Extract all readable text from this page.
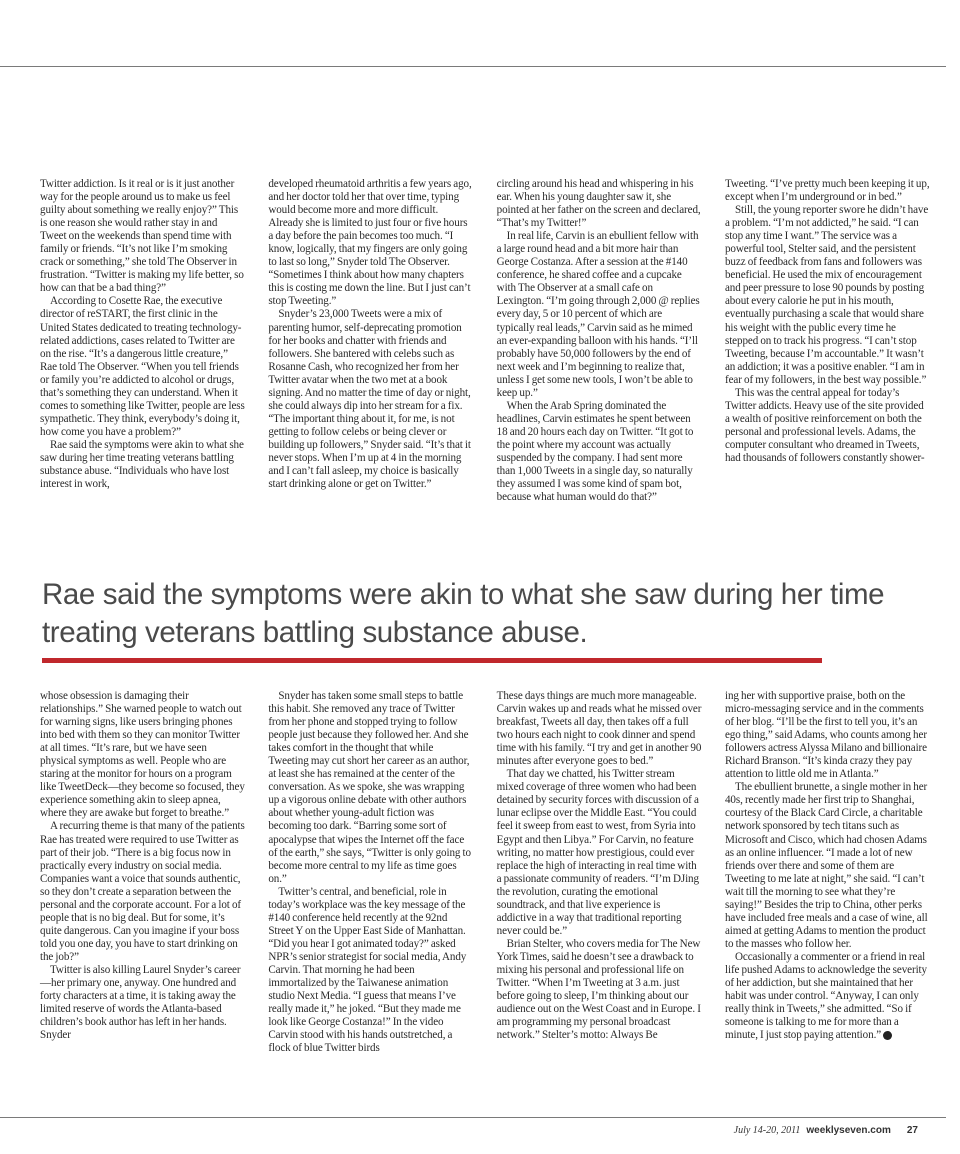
Twitter addiction. Is it real or is it just another way for the people around us to make us feel guilty about something we really enjoy?” This is one reason she would rather stay in and Tweet on the weekends than spend time with family or friends. “It’s not like I’m smoking crack or something,” she told The Observer in frustration. “Twitter is making my life better, so how can that be a bad thing?”

According to Cosette Rae, the executive director of reSTART, the first clinic in the United States dedicated to treating technology-related addictions, cases related to Twitter are on the rise. “It’s a dangerous little creature,” Rae told The Observer. “When you tell friends or family you’re addicted to alcohol or drugs, that’s something they can understand. When it comes to something like Twitter, people are less sympathetic. They think, everybody’s doing it, how come you have a problem?”

Rae said the symptoms were akin to what she saw during her time treating veterans battling substance abuse. “Individuals who have lost interest in work,

developed rheumatoid arthritis a few years ago, and her doctor told her that over time, typing would become more and more difficult. Already she is limited to just four or five hours a day before the pain becomes too much. “I know, logically, that my fingers are only going to last so long,” Snyder told The Observer. “Sometimes I think about how many chapters this is costing me down the line. But I just can’t stop Tweeting.”

Snyder’s 23,000 Tweets were a mix of parenting humor, self-deprecating promotion for her books and chatter with friends and followers. She bantered with celebs such as Rosanne Cash, who recognized her from her Twitter avatar when the two met at a book signing. And no matter the time of day or night, she could always dip into her stream for a fix. “The important thing about it, for me, is not getting to follow celebs or being clever or building up followers,” Snyder said. “It’s that it never stops. When I’m up at 4 in the morning and I can’t fall asleep, my choice is basically start drinking alone or get on Twitter.”

circling around his head and whispering in his ear. When his young daughter saw it, she pointed at her father on the screen and declared, “That’s my Twitter!”

In real life, Carvin is an ebullient fellow with a large round head and a bit more hair than George Costanza. After a session at the #140 conference, he shared coffee and a cupcake with The Observer at a small cafe on Lexington. “I’m going through 2,000 @ replies every day, 5 or 10 percent of which are typically real leads,” Carvin said as he mimed an ever-expanding balloon with his hands. “I’ll probably have 50,000 followers by the end of next week and I’m beginning to realize that, unless I get some new tools, I won’t be able to keep up.”

When the Arab Spring dominated the headlines, Carvin estimates he spent between 18 and 20 hours each day on Twitter. “It got to the point where my account was actually suspended by the company. I had sent more than 1,000 Tweets in a single day, so naturally they assumed I was some kind of spam bot, because what human would do that?”

Tweeting. “I’ve pretty much been keeping it up, except when I’m underground or in bed.”

Still, the young reporter swore he didn’t have a problem. “I’m not addicted,” he said. “I can stop any time I want.” The service was a powerful tool, Stelter said, and the persistent buzz of feedback from fans and followers was beneficial. He used the mix of encouragement and peer pressure to lose 90 pounds by posting about every calorie he put in his mouth, eventually purchasing a scale that would share his weight with the public every time he stepped on to track his progress. “I can’t stop Tweeting, because I’m accountable.” It wasn’t an addiction; it was a positive enabler. “I am in fear of my followers, in the best way possible.”

This was the central appeal for today’s Twitter addicts. Heavy use of the site provided a wealth of positive reinforcement on both the personal and professional levels. Adams, the computer consultant who dreamed in Tweets, had thousands of followers constantly shower-

Rae said the symptoms were akin to what she saw during her time treating veterans battling substance abuse.

whose obsession is damaging their relationships.” She warned people to watch out for warning signs, like users bringing phones into bed with them so they can monitor Twitter at all times. “It’s rare, but we have seen physical symptoms as well. People who are staring at the monitor for hours on a program like TweetDeck—they become so focused, they experience something akin to sleep apnea, where they are awake but forget to breathe.”

A recurring theme is that many of the patients Rae has treated were required to use Twitter as part of their job. “There is a big focus now in practically every industry on social media. Companies want a voice that sounds authentic, so they don’t create a separation between the personal and the corporate account. For a lot of people that is no big deal. But for some, it’s quite dangerous. Can you imagine if your boss told you one day, you have to start drinking on the job?”

Twitter is also killing Laurel Snyder’s career—her primary one, anyway. One hundred and forty characters at a time, it is taking away the limited reserve of words the Atlanta-based children’s book author has left in her hands. Snyder

Snyder has taken some small steps to battle this habit. She removed any trace of Twitter from her phone and stopped trying to follow people just because they followed her. And she takes comfort in the thought that while Tweeting may cut short her career as an author, at least she has remained at the center of the conversation. As we spoke, she was wrapping up a vigorous online debate with other authors about whether young-adult fiction was becoming too dark. “Barring some sort of apocalypse that wipes the Internet off the face of the earth,” she says, “Twitter is only going to become more central to my life as time goes on.”

Twitter’s central, and beneficial, role in today’s workplace was the key message of the #140 conference held recently at the 92nd Street Y on the Upper East Side of Manhattan. “Did you hear I got animated today?” asked NPR’s senior strategist for social media, Andy Carvin. That morning he had been immortalized by the Taiwanese animation studio Next Media. “I guess that means I’ve really made it,” he joked. “But they made me look like George Costanza!” In the video Carvin stood with his hands outstretched, a flock of blue Twitter birds

These days things are much more manageable. Carvin wakes up and reads what he missed over breakfast, Tweets all day, then takes off a full two hours each night to cook dinner and spend time with his family. “I try and get in another 90 minutes after everyone goes to bed.”

That day we chatted, his Twitter stream mixed coverage of three women who had been detained by security forces with discussion of a lunar eclipse over the Middle East. “You could feel it sweep from east to west, from Syria into Egypt and then Libya.” For Carvin, no feature writing, no matter how prestigious, could ever replace the high of interacting in real time with a passionate community of readers. “I’m DJing the revolution, curating the emotional soundtrack, and that live experience is addictive in a way that traditional reporting never could be.”

Brian Stelter, who covers media for The New York Times, said he doesn’t see a drawback to mixing his personal and professional life on Twitter. “When I’m Tweeting at 3 a.m. just before going to sleep, I’m thinking about our audience out on the West Coast and in Europe. I am programming my personal broadcast network.” Stelter’s motto: Always Be

ing her with supportive praise, both on the micro-messaging service and in the comments of her blog. “I’ll be the first to tell you, it’s an ego thing,” said Adams, who counts among her followers actress Alyssa Milano and billionaire Richard Branson. “It’s kinda crazy they pay attention to little old me in Atlanta.”

The ebullient brunette, a single mother in her 40s, recently made her first trip to Shanghai, courtesy of the Black Card Circle, a charitable network sponsored by tech titans such as Microsoft and Cisco, which had chosen Adams as an online influencer. “I made a lot of new friends over there and some of them are Tweeting to me late at night,” she said. “I can’t wait till the morning to see what they’re saying!” Besides the trip to China, other perks have included free meals and a case of wine, all aimed at getting Adams to mention the product to the masses who follow her.

Occasionally a commenter or a friend in real life pushed Adams to acknowledge the severity of her addiction, but she maintained that her habit was under control. “Anyway, I can only really think in Tweets,” she admitted. “So if someone is talking to me for more than a minute, I just stop paying attention.” 7

July 14-20, 2011 weeklyseven.com 27
